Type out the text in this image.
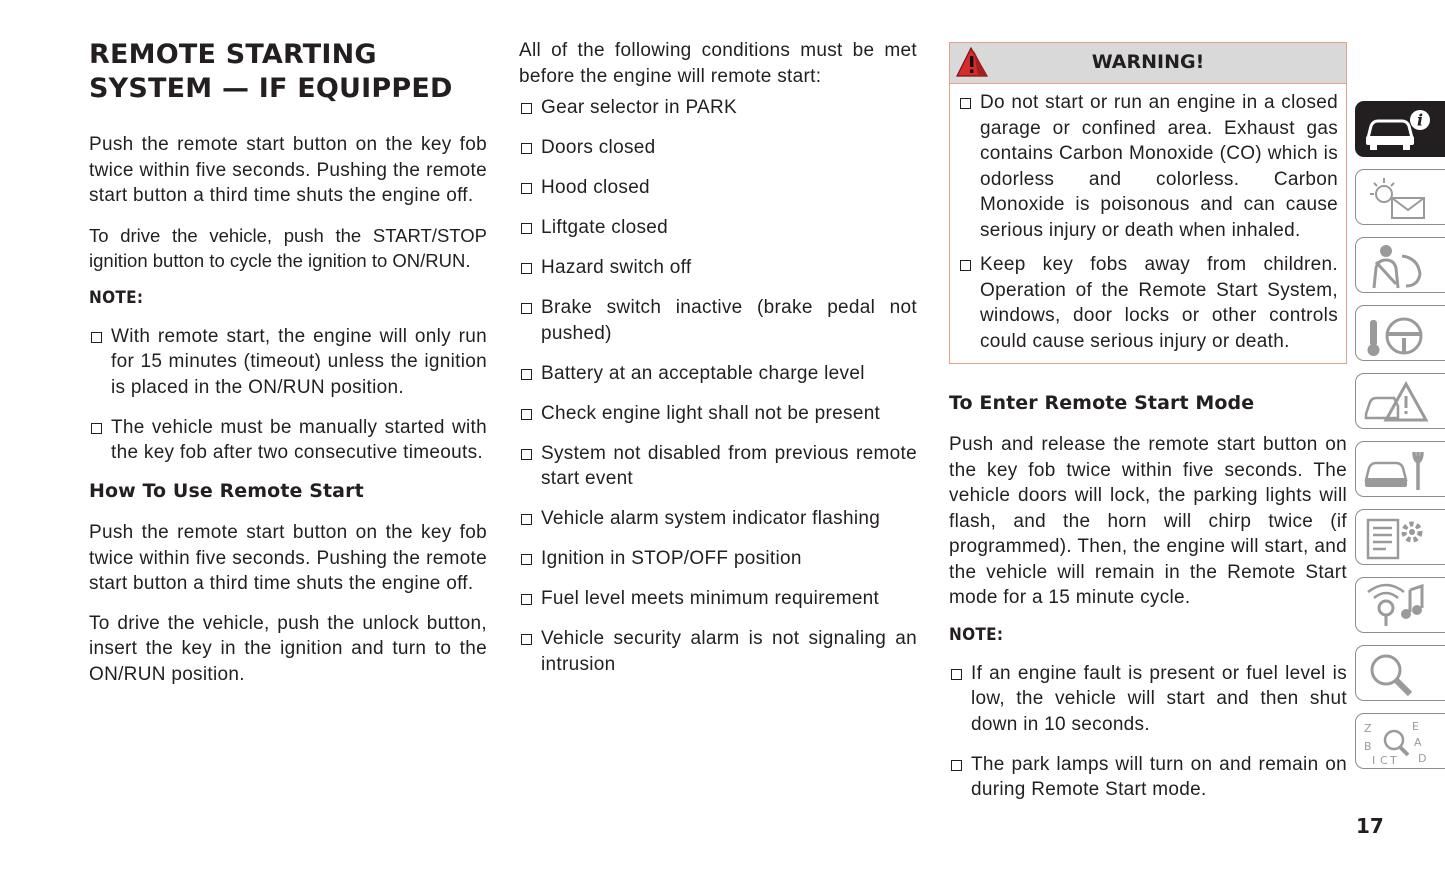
REMOTE STARTING
SYSTEM — IF EQUIPPED

Push the remote start button on the key fob twice within five seconds. Pushing the remote start button a third time shuts the engine off.

To drive the vehicle, push the START/STOP ignition button to cycle the ignition to ON/RUN.

NOTE:
With remote start, the engine will only run for 15 minutes (timeout) unless the ignition is placed in the ON/RUN position.
The vehicle must be manually started with the key fob after two consecutive timeouts.
How To Use Remote Start

Push the remote start button on the key fob twice within five seconds. Pushing the remote start button a third time shuts the engine off.

To drive the vehicle, push the unlock button, insert the key in the ignition and turn to the ON/RUN position.

All of the following conditions must be met before the engine will remote start:

Gear selector in PARK
Doors closed
Hood closed
Liftgate closed
Hazard switch off
Brake switch inactive (brake pedal not pushed)
Battery at an acceptable charge level
Check engine light shall not be present
System not disabled from previous remote start event
Vehicle alarm system indicator flashing
Ignition in STOP/OFF position
Fuel level meets minimum requirement
Vehicle security alarm is not signaling an intrusion
WARNING!
Do not start or run an engine in a closed garage or confined area. Exhaust gas contains Carbon Monoxide (CO) which is odorless and colorless. Carbon Monoxide is poisonous and can cause serious injury or death when inhaled.
Keep key fobs away from children. Operation of the Remote Start System, windows, door locks or other controls could cause serious injury or death.
To Enter Remote Start Mode

Push and release the remote start button on the key fob twice within five seconds. The vehicle doors will lock, the parking lights will flash, and the horn will chirp twice (if programmed). Then, the engine will start, and the vehicle will remain in the Remote Start mode for a 15 minute cycle.

NOTE:
If an engine fault is present or fuel level is low, the vehicle will start and then shut down in 10 seconds.
The park lamps will turn on and remain on during Remote Start mode.
i
Z	E
B	A
I C T D
17
